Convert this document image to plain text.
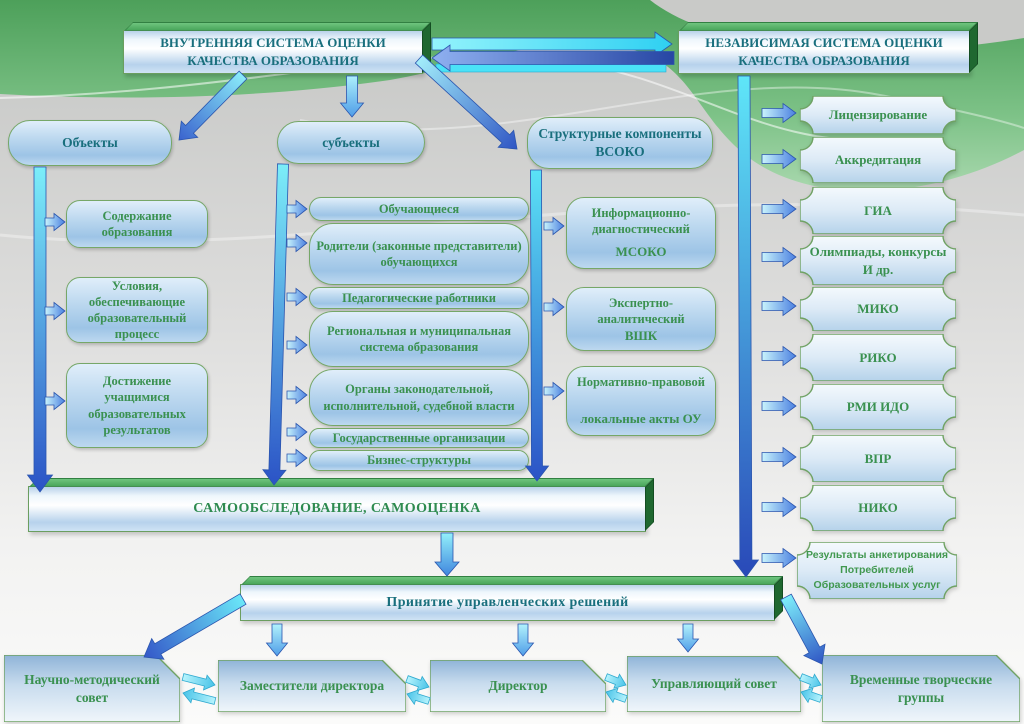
ВНУТРЕННЯЯ СИСТЕМА ОЦЕНКИ КАЧЕСТВА ОБРАЗОВАНИЯ
НЕЗАВИСИМАЯ СИСТЕМА ОЦЕНКИ КАЧЕСТВА ОБРАЗОВАНИЯ
Объекты	субъекты
Структурные компоненты ВСОКО
Содержание образования
Условия, обеспечивающие образовательный процесс
Достижение учащимися образовательных результатов
Обучающиеся
Родители (законные представители) обучающихся
Педагогические работники
Региональная и муниципальная система образования
Органы законодательной, исполнительной, судебной власти
Государственные организации
Бизнес-структуры
Информационно-диагностический
МСОКО
Экспертно-аналитический
ВШК
Нормативно-правовой
локальные акты ОУ
Лицензирование
Аккредитация
ГИА
Олимпиады, конкурсы И др.
МИКО
РИКО
РМИ ИДО
ВПР
НИКО
Результаты анкетирования Потребителей Образовательных услуг
САМООБСЛЕДОВАНИЕ, САМООЦЕНКА
Принятие управленческих решений
Научно-методический совет
Заместители директора	Директор	Управляющий совет	Временные творческие группы
